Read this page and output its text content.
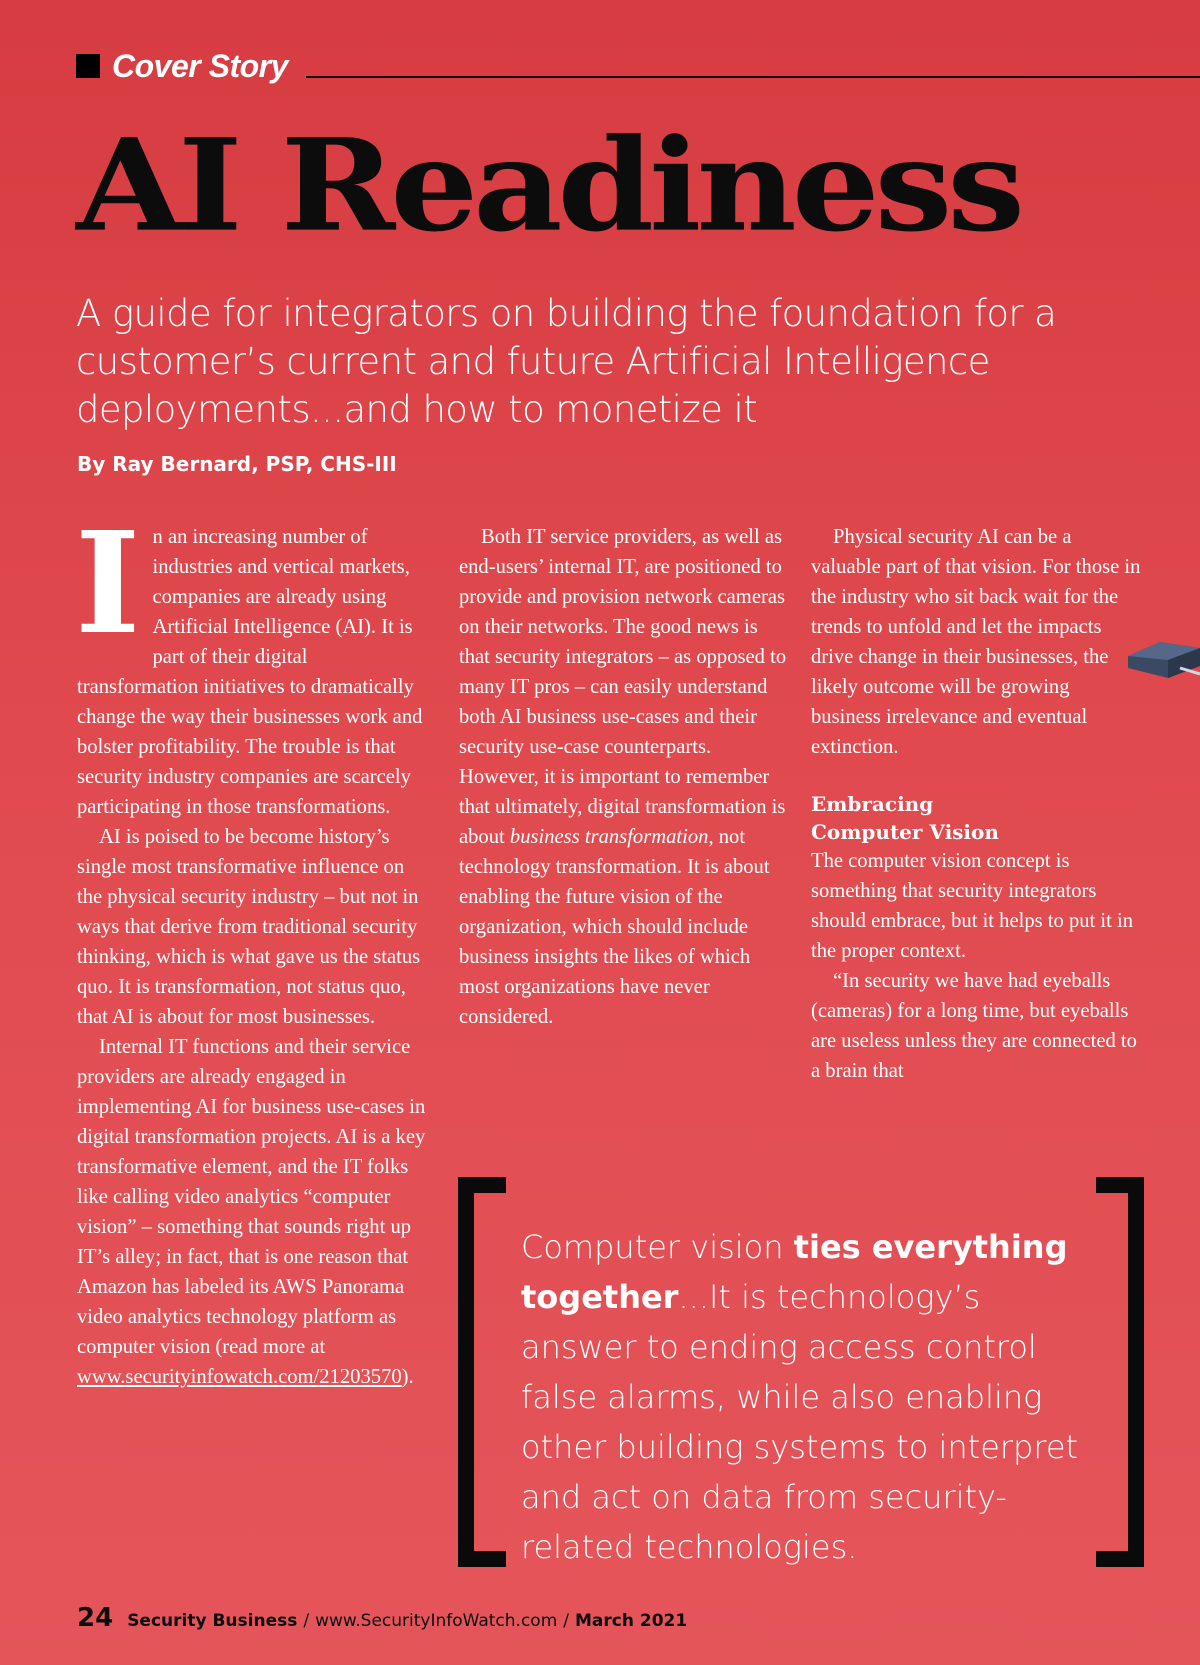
Cover Story
AI Readiness

A guide for integrators on building the foundation for a customer’s current and future Artificial Intelligence deployments...and how to monetize it

By Ray Bernard, PSP, CHS-III

In an increasing number of industries and vertical markets, companies are already using Artificial Intelligence (AI). It is part of their digital transformation initiatives to dramatically change the way their businesses work and bolster profitability. The trouble is that security industry companies are scarcely participating in those transformations.

AI is poised to be become history’s single most transformative influence on the physical security industry – but not in ways that derive from traditional security thinking, which is what gave us the status quo. It is transformation, not status quo, that AI is about for most businesses.

Internal IT functions and their service providers are already engaged in implementing AI for business use-cases in digital transformation projects. AI is a key transformative element, and the IT folks like calling video analytics “computer vision” – something that sounds right up IT’s alley; in fact, that is one reason that Amazon has labeled its AWS Panorama video analytics technology platform as computer vision (read more at www.securityinfowatch.com/21203570).

Both IT service providers, as well as end-users’ internal IT, are positioned to provide and provision network cameras on their networks. The good news is that security integrators – as opposed to many IT pros – can easily understand both AI business use-cases and their security use-case counterparts. However, it is important to remember that ultimately, digital transformation is about business transformation, not technology transformation. It is about enabling the future vision of the organization, which should include business insights the likes of which most organizations have never considered.

Physical security AI can be a valuable part of that vision. For those in the industry who sit back wait for the trends to unfold and let the impacts drive change in their businesses, the likely outcome will be growing business irrelevance and eventual extinction.

Embracing
Computer Vision

The computer vision concept is something that security integrators should embrace, but it helps to put it in the proper context.

“In security we have had eyeballs (cameras) for a long time, but eyeballs are useless unless they are connected to a brain that

Computer vision ties everything together...It is technology’s answer to ending access control false alarms, while also enabling other building systems to interpret and act on data from security-related technologies.

24 Security Business / www.SecurityInfoWatch.com / March 2021
